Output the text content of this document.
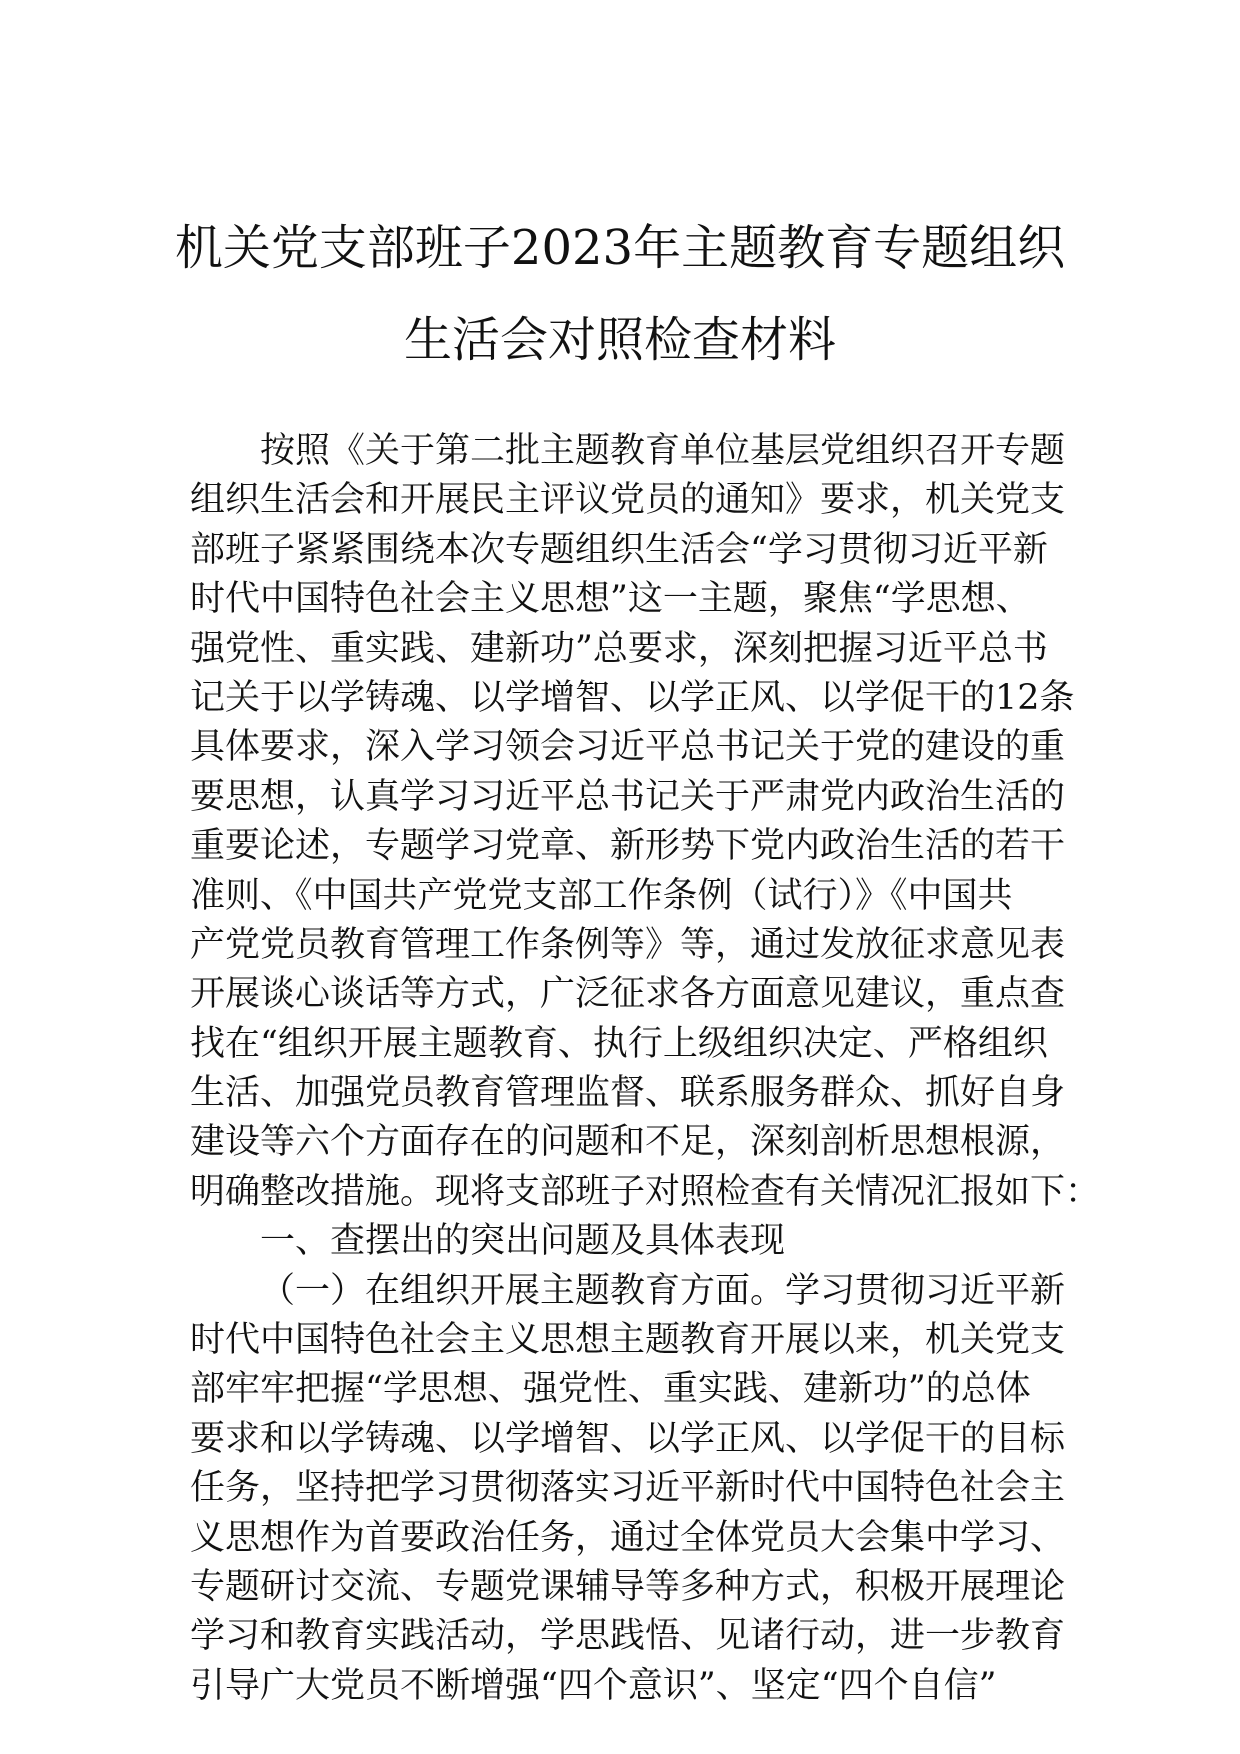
机关党支部班子2023年主题教育专题组织
生活会对照检查材料
按照《关于第二批主题教育单位基层党组织召开专题
组织生活会和开展民主评议党员的通知》要求，机关党支
部班子紧紧围绕本次专题组织生活会“学习贯彻习近平新
时代中国特色社会主义思想”这一主题，聚焦“学思想、
强党性、重实践、建新功”总要求，深刻把握习近平总书
记关于以学铸魂、以学增智、以学正风、以学促干的12条
具体要求，深入学习领会习近平总书记关于党的建设的重
要思想，认真学习习近平总书记关于严肃党内政治生活的
重要论述，专题学习党章、新形势下党内政治生活的若干
准则、《中国共产党党支部工作条例（试行）》《中国共
产党党员教育管理工作条例等》等，通过发放征求意见表
开展谈心谈话等方式，广泛征求各方面意见建议，重点查
找在“组织开展主题教育、执行上级组织决定、严格组织
生活、加强党员教育管理监督、联系服务群众、抓好自身
建设等六个方面存在的问题和不足，深刻剖析思想根源，
明确整改措施。现将支部班子对照检查有关情况汇报如下：
一、查摆出的突出问题及具体表现
（一）在组织开展主题教育方面。学习贯彻习近平新
时代中国特色社会主义思想主题教育开展以来，机关党支
部牢牢把握“学思想、强党性、重实践、建新功”的总体
要求和以学铸魂、以学增智、以学正风、以学促干的目标
任务，坚持把学习贯彻落实习近平新时代中国特色社会主
义思想作为首要政治任务，通过全体党员大会集中学习、
专题研讨交流、专题党课辅导等多种方式，积极开展理论
学习和教育实践活动，学思践悟、见诸行动，进一步教育
引导广大党员不断增强“四个意识”、坚定“四个自信”
